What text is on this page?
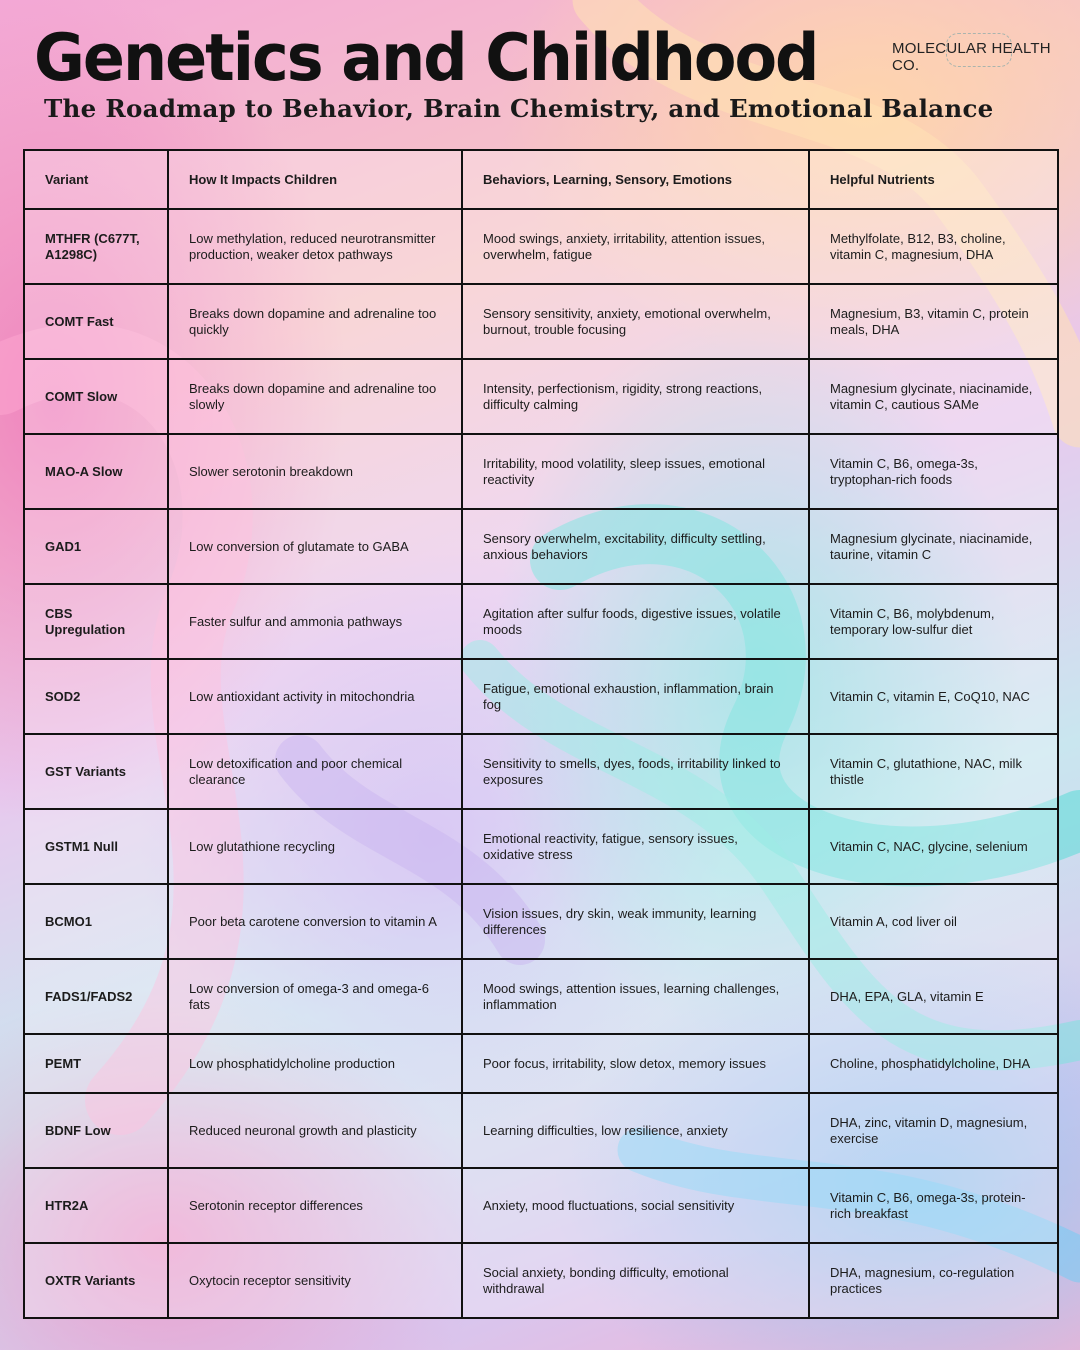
Genetics and Childhood	MOLECULAR HEALTH CO.
The Roadmap to Behavior, Brain Chemistry, and Emotional Balance
Variant	How It Impacts Children	Behaviors, Learning, Sensory, Emotions	Helpful Nutrients
MTHFR (C677T, A1298C)	Low methylation, reduced neurotransmitter production, weaker detox pathways	Mood swings, anxiety, irritability, attention issues, overwhelm, fatigue	Methylfolate, B12, B3, choline, vitamin C, magnesium, DHA
COMT Fast	Breaks down dopamine and adrenaline too quickly	Sensory sensitivity, anxiety, emotional overwhelm, burnout, trouble focusing	Magnesium, B3, vitamin C, protein meals, DHA
COMT Slow	Breaks down dopamine and adrenaline too slowly	Intensity, perfectionism, rigidity, strong reactions, difficulty calming	Magnesium glycinate, niacinamide, vitamin C, cautious SAMe
MAO-A Slow	Slower serotonin breakdown	Irritability, mood volatility, sleep issues, emotional reactivity	Vitamin C, B6, omega-3s, tryptophan-rich foods
GAD1	Low conversion of glutamate to GABA	Sensory overwhelm, excitability, difficulty settling, anxious behaviors	Magnesium glycinate, niacinamide, taurine, vitamin C
CBS Upregulation	Faster sulfur and ammonia pathways	Agitation after sulfur foods, digestive issues, volatile moods	Vitamin C, B6, molybdenum, temporary low-sulfur diet
SOD2	Low antioxidant activity in mitochondria	Fatigue, emotional exhaustion, inflammation, brain fog	Vitamin C, vitamin E, CoQ10, NAC
GST Variants	Low detoxification and poor chemical clearance	Sensitivity to smells, dyes, foods, irritability linked to exposures	Vitamin C, glutathione, NAC, milk thistle
GSTM1 Null	Low glutathione recycling	Emotional reactivity, fatigue, sensory issues, oxidative stress	Vitamin C, NAC, glycine, selenium
BCMO1	Poor beta carotene conversion to vitamin A	Vision issues, dry skin, weak immunity, learning differences	Vitamin A, cod liver oil
FADS1/FADS2	Low conversion of omega-3 and omega-6 fats	Mood swings, attention issues, learning challenges, inflammation	DHA, EPA, GLA, vitamin E
PEMT	Low phosphatidylcholine production	Poor focus, irritability, slow detox, memory issues	Choline, phosphatidylcholine, DHA
BDNF Low	Reduced neuronal growth and plasticity	Learning difficulties, low resilience, anxiety	DHA, zinc, vitamin D, magnesium, exercise
HTR2A	Serotonin receptor differences	Anxiety, mood fluctuations, social sensitivity	Vitamin C, B6, omega-3s, protein-rich breakfast
OXTR Variants	Oxytocin receptor sensitivity	Social anxiety, bonding difficulty, emotional withdrawal	DHA, magnesium, co-regulation practices
